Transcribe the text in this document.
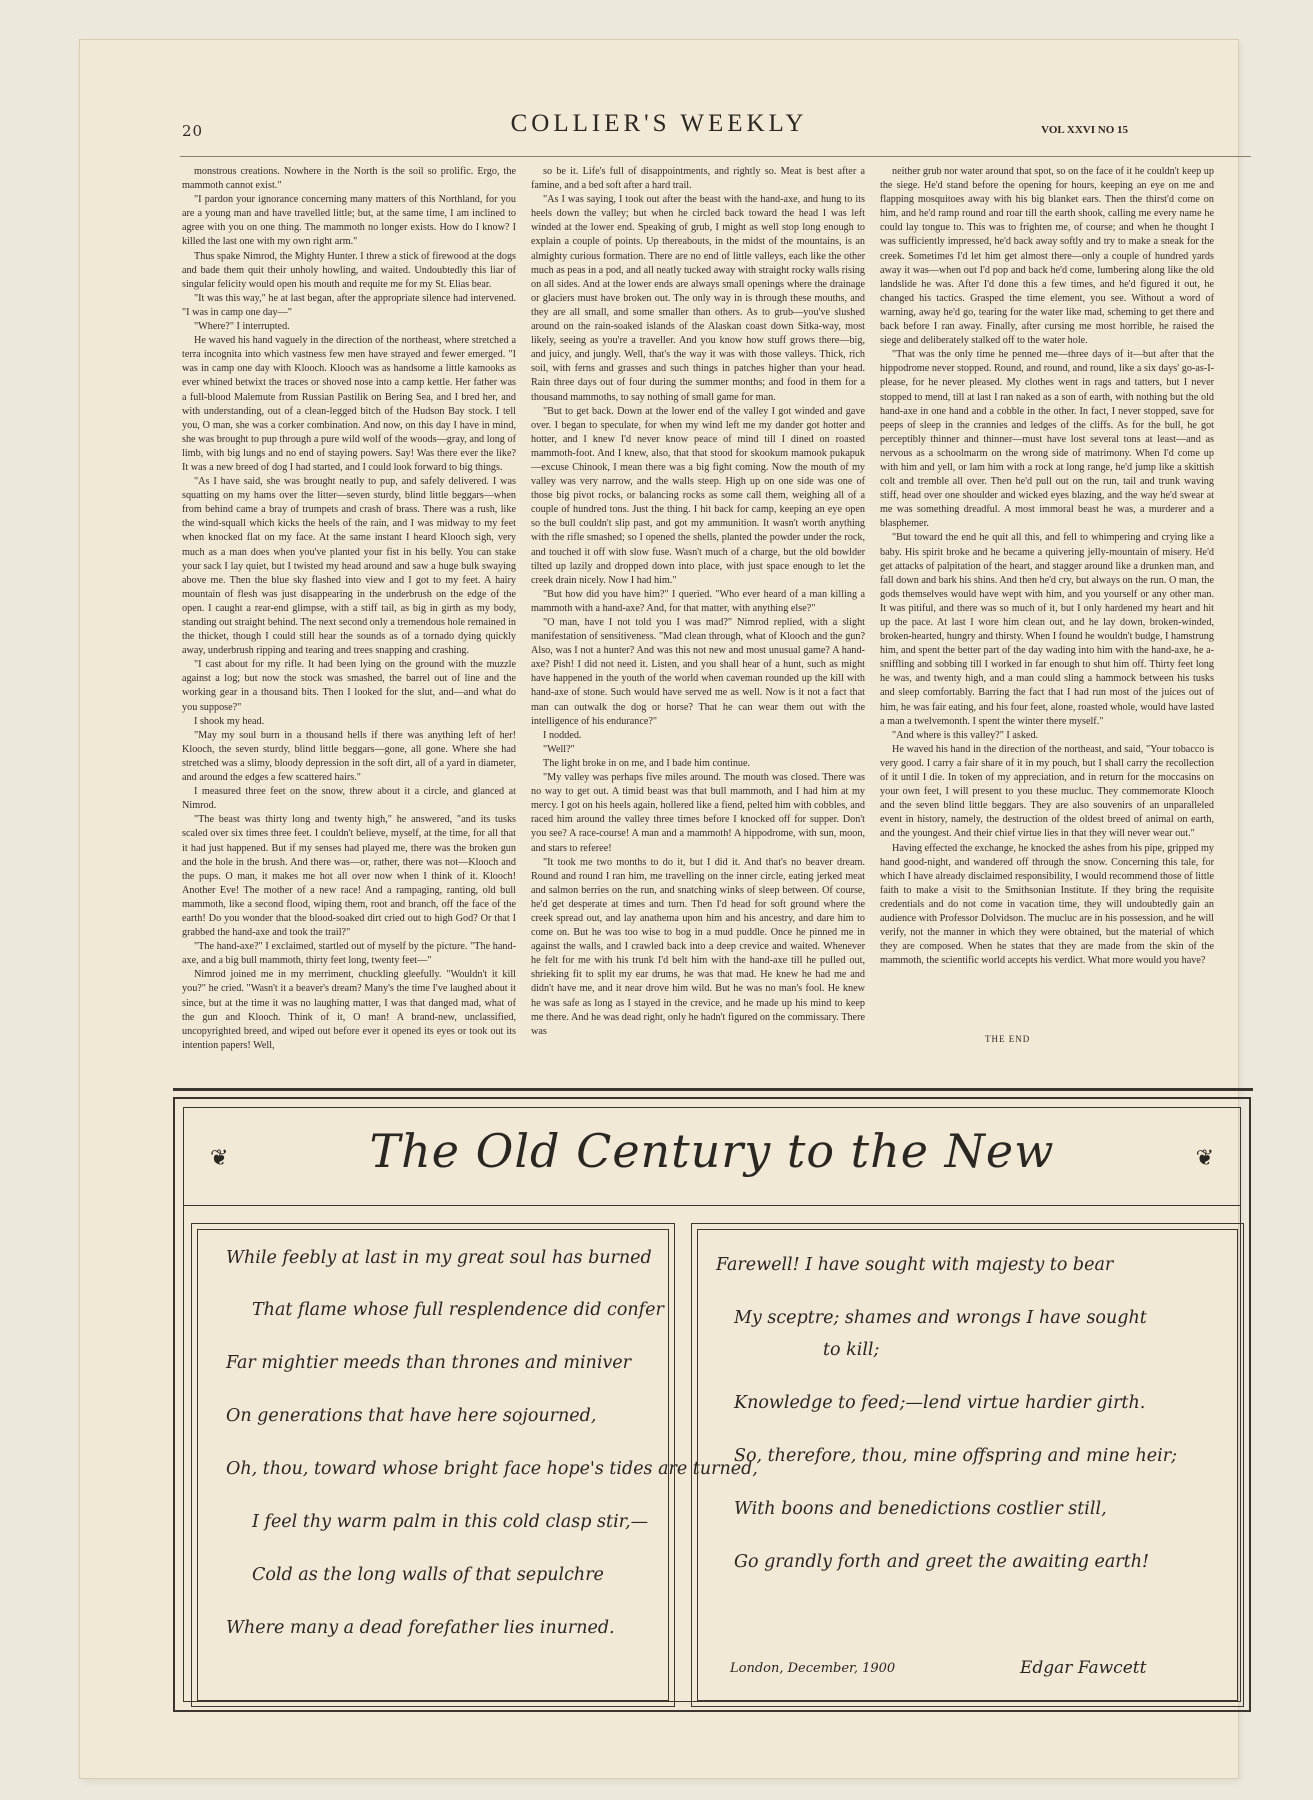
20	COLLIER'S WEEKLY	VOL XXVI NO 15

monstrous creations. Nowhere in the North is the soil so prolific. Ergo, the mammoth cannot exist."

"I pardon your ignorance concerning many matters of this Northland, for you are a young man and have travelled little; but, at the same time, I am inclined to agree with you on one thing. The mammoth no longer exists. How do I know? I killed the last one with my own right arm."

Thus spake Nimrod, the Mighty Hunter. I threw a stick of firewood at the dogs and bade them quit their unholy howling, and waited. Undoubtedly this liar of singular felicity would open his mouth and requite me for my St. Elias bear.

"It was this way," he at last began, after the appropriate silence had intervened. "I was in camp one day—"

"Where?" I interrupted.

He waved his hand vaguely in the direction of the northeast, where stretched a terra incognita into which vastness few men have strayed and fewer emerged. "I was in camp one day with Klooch. Klooch was as handsome a little kamooks as ever whined betwixt the traces or shoved nose into a camp kettle. Her father was a full-blood Malemute from Russian Pastilik on Bering Sea, and I bred her, and with understanding, out of a clean-legged bitch of the Hudson Bay stock. I tell you, O man, she was a corker combination. And now, on this day I have in mind, she was brought to pup through a pure wild wolf of the woods—gray, and long of limb, with big lungs and no end of staying powers. Say! Was there ever the like? It was a new breed of dog I had started, and I could look forward to big things.

"As I have said, she was brought neatly to pup, and safely delivered. I was squatting on my hams over the litter—seven sturdy, blind little beggars—when from behind came a bray of trumpets and crash of brass. There was a rush, like the wind-squall which kicks the heels of the rain, and I was midway to my feet when knocked flat on my face. At the same instant I heard Klooch sigh, very much as a man does when you've planted your fist in his belly. You can stake your sack I lay quiet, but I twisted my head around and saw a huge bulk swaying above me. Then the blue sky flashed into view and I got to my feet. A hairy mountain of flesh was just disappearing in the underbrush on the edge of the open. I caught a rear-end glimpse, with a stiff tail, as big in girth as my body, standing out straight behind. The next second only a tremendous hole remained in the thicket, though I could still hear the sounds as of a tornado dying quickly away, underbrush ripping and tearing and trees snapping and crashing.

"I cast about for my rifle. It had been lying on the ground with the muzzle against a log; but now the stock was smashed, the barrel out of line and the working gear in a thousand bits. Then I looked for the slut, and—and what do you suppose?"

I shook my head.

"May my soul burn in a thousand hells if there was anything left of her! Klooch, the seven sturdy, blind little beggars—gone, all gone. Where she had stretched was a slimy, bloody depression in the soft dirt, all of a yard in diameter, and around the edges a few scattered hairs."

I measured three feet on the snow, threw about it a circle, and glanced at Nimrod.

"The beast was thirty long and twenty high," he answered, "and its tusks scaled over six times three feet. I couldn't believe, myself, at the time, for all that it had just happened. But if my senses had played me, there was the broken gun and the hole in the brush. And there was—or, rather, there was not—Klooch and the pups. O man, it makes me hot all over now when I think of it. Klooch! Another Eve! The mother of a new race! And a rampaging, ranting, old bull mammoth, like a second flood, wiping them, root and branch, off the face of the earth! Do you wonder that the blood-soaked dirt cried out to high God? Or that I grabbed the hand-axe and took the trail?"

"The hand-axe?" I exclaimed, startled out of myself by the picture. "The hand-axe, and a big bull mammoth, thirty feet long, twenty feet—"

Nimrod joined me in my merriment, chuckling gleefully. "Wouldn't it kill you?" he cried. "Wasn't it a beaver's dream? Many's the time I've laughed about it since, but at the time it was no laughing matter, I was that danged mad, what of the gun and Klooch. Think of it, O man! A brand-new, unclassified, uncopyrighted breed, and wiped out before ever it opened its eyes or took out its intention papers! Well,

so be it. Life's full of disappointments, and rightly so. Meat is best after a famine, and a bed soft after a hard trail.

"As I was saying, I took out after the beast with the hand-axe, and hung to its heels down the valley; but when he circled back toward the head I was left winded at the lower end. Speaking of grub, I might as well stop long enough to explain a couple of points. Up thereabouts, in the midst of the mountains, is an almighty curious formation. There are no end of little valleys, each like the other much as peas in a pod, and all neatly tucked away with straight rocky walls rising on all sides. And at the lower ends are always small openings where the drainage or glaciers must have broken out. The only way in is through these mouths, and they are all small, and some smaller than others. As to grub—you've slushed around on the rain-soaked islands of the Alaskan coast down Sitka-way, most likely, seeing as you're a traveller. And you know how stuff grows there—big, and juicy, and jungly. Well, that's the way it was with those valleys. Thick, rich soil, with ferns and grasses and such things in patches higher than your head. Rain three days out of four during the summer months; and food in them for a thousand mammoths, to say nothing of small game for man.

"But to get back. Down at the lower end of the valley I got winded and gave over. I began to speculate, for when my wind left me my dander got hotter and hotter, and I knew I'd never know peace of mind till I dined on roasted mammoth-foot. And I knew, also, that that stood for skookum mamook pukapuk—excuse Chinook, I mean there was a big fight coming. Now the mouth of my valley was very narrow, and the walls steep. High up on one side was one of those big pivot rocks, or balancing rocks as some call them, weighing all of a couple of hundred tons. Just the thing. I hit back for camp, keeping an eye open so the bull couldn't slip past, and got my ammunition. It wasn't worth anything with the rifle smashed; so I opened the shells, planted the powder under the rock, and touched it off with slow fuse. Wasn't much of a charge, but the old bowlder tilted up lazily and dropped down into place, with just space enough to let the creek drain nicely. Now I had him."

"But how did you have him?" I queried. "Who ever heard of a man killing a mammoth with a hand-axe? And, for that matter, with anything else?"

"O man, have I not told you I was mad?" Nimrod replied, with a slight manifestation of sensitiveness. "Mad clean through, what of Klooch and the gun? Also, was I not a hunter? And was this not new and most unusual game? A hand-axe? Pish! I did not need it. Listen, and you shall hear of a hunt, such as might have happened in the youth of the world when caveman rounded up the kill with hand-axe of stone. Such would have served me as well. Now is it not a fact that man can outwalk the dog or horse? That he can wear them out with the intelligence of his endurance?"

I nodded.

"Well?"

The light broke in on me, and I bade him continue.

"My valley was perhaps five miles around. The mouth was closed. There was no way to get out. A timid beast was that bull mammoth, and I had him at my mercy. I got on his heels again, hollered like a fiend, pelted him with cobbles, and raced him around the valley three times before I knocked off for supper. Don't you see? A race-course! A man and a mammoth! A hippodrome, with sun, moon, and stars to referee!

"It took me two months to do it, but I did it. And that's no beaver dream. Round and round I ran him, me travelling on the inner circle, eating jerked meat and salmon berries on the run, and snatching winks of sleep between. Of course, he'd get desperate at times and turn. Then I'd head for soft ground where the creek spread out, and lay anathema upon him and his ancestry, and dare him to come on. But he was too wise to bog in a mud puddle. Once he pinned me in against the walls, and I crawled back into a deep crevice and waited. Whenever he felt for me with his trunk I'd belt him with the hand-axe till he pulled out, shrieking fit to split my ear drums, he was that mad. He knew he had me and didn't have me, and it near drove him wild. But he was no man's fool. He knew he was safe as long as I stayed in the crevice, and he made up his mind to keep me there. And he was dead right, only he hadn't figured on the commissary. There was

neither grub nor water around that spot, so on the face of it he couldn't keep up the siege. He'd stand before the opening for hours, keeping an eye on me and flapping mosquitoes away with his big blanket ears. Then the thirst'd come on him, and he'd ramp round and roar till the earth shook, calling me every name he could lay tongue to. This was to frighten me, of course; and when he thought I was sufficiently impressed, he'd back away softly and try to make a sneak for the creek. Sometimes I'd let him get almost there—only a couple of hundred yards away it was—when out I'd pop and back he'd come, lumbering along like the old landslide he was. After I'd done this a few times, and he'd figured it out, he changed his tactics. Grasped the time element, you see. Without a word of warning, away he'd go, tearing for the water like mad, scheming to get there and back before I ran away. Finally, after cursing me most horrible, he raised the siege and deliberately stalked off to the water hole.

"That was the only time he penned me—three days of it—but after that the hippodrome never stopped. Round, and round, and round, like a six days' go-as-I-please, for he never pleased. My clothes went in rags and tatters, but I never stopped to mend, till at last I ran naked as a son of earth, with nothing but the old hand-axe in one hand and a cobble in the other. In fact, I never stopped, save for peeps of sleep in the crannies and ledges of the cliffs. As for the bull, he got perceptibly thinner and thinner—must have lost several tons at least—and as nervous as a schoolmarm on the wrong side of matrimony. When I'd come up with him and yell, or lam him with a rock at long range, he'd jump like a skittish colt and tremble all over. Then he'd pull out on the run, tail and trunk waving stiff, head over one shoulder and wicked eyes blazing, and the way he'd swear at me was something dreadful. A most immoral beast he was, a murderer and a blasphemer.

"But toward the end he quit all this, and fell to whimpering and crying like a baby. His spirit broke and he became a quivering jelly-mountain of misery. He'd get attacks of palpitation of the heart, and stagger around like a drunken man, and fall down and bark his shins. And then he'd cry, but always on the run. O man, the gods themselves would have wept with him, and you yourself or any other man. It was pitiful, and there was so much of it, but I only hardened my heart and hit up the pace. At last I wore him clean out, and he lay down, broken-winded, broken-hearted, hungry and thirsty. When I found he wouldn't budge, I hamstrung him, and spent the better part of the day wading into him with the hand-axe, he a-sniffling and sobbing till I worked in far enough to shut him off. Thirty feet long he was, and twenty high, and a man could sling a hammock between his tusks and sleep comfortably. Barring the fact that I had run most of the juices out of him, he was fair eating, and his four feet, alone, roasted whole, would have lasted a man a twelvemonth. I spent the winter there myself."

"And where is this valley?" I asked.

He waved his hand in the direction of the northeast, and said, "Your tobacco is very good. I carry a fair share of it in my pouch, but I shall carry the recollection of it until I die. In token of my appreciation, and in return for the moccasins on your own feet, I will present to you these mucluc. They commemorate Klooch and the seven blind little beggars. They are also souvenirs of an unparalleled event in history, namely, the destruction of the oldest breed of animal on earth, and the youngest. And their chief virtue lies in that they will never wear out."

Having effected the exchange, he knocked the ashes from his pipe, gripped my hand good-night, and wandered off through the snow. Concerning this tale, for which I have already disclaimed responsibility, I would recommend those of little faith to make a visit to the Smithsonian Institute. If they bring the requisite credentials and do not come in vacation time, they will undoubtedly gain an audience with Professor Dolvidson. The mucluc are in his possession, and he will verify, not the manner in which they were obtained, but the material of which they are composed. When he states that they are made from the skin of the mammoth, the scientific world accepts his verdict. What more would you have?

THE END
❦	The Old Century to the New	❦
While feebly at last in my great soul has burned
That flame whose full resplendence did confer
Far mightier meeds than thrones and miniver
On generations that have here sojourned,
Oh, thou, toward whose bright face hope's tides are turned,
I feel thy warm palm in this cold clasp stir,—
Cold as the long walls of that sepulchre
Where many a dead forefather lies inurned.
Farewell! I have sought with majesty to bear
My sceptre; shames and wrongs I have sought
to kill;
Knowledge to feed;—lend virtue hardier girth.
So, therefore, thou, mine offspring and mine heir;
With boons and benedictions costlier still,
Go grandly forth and greet the awaiting earth!
London, December, 1900	Edgar Fawcett
